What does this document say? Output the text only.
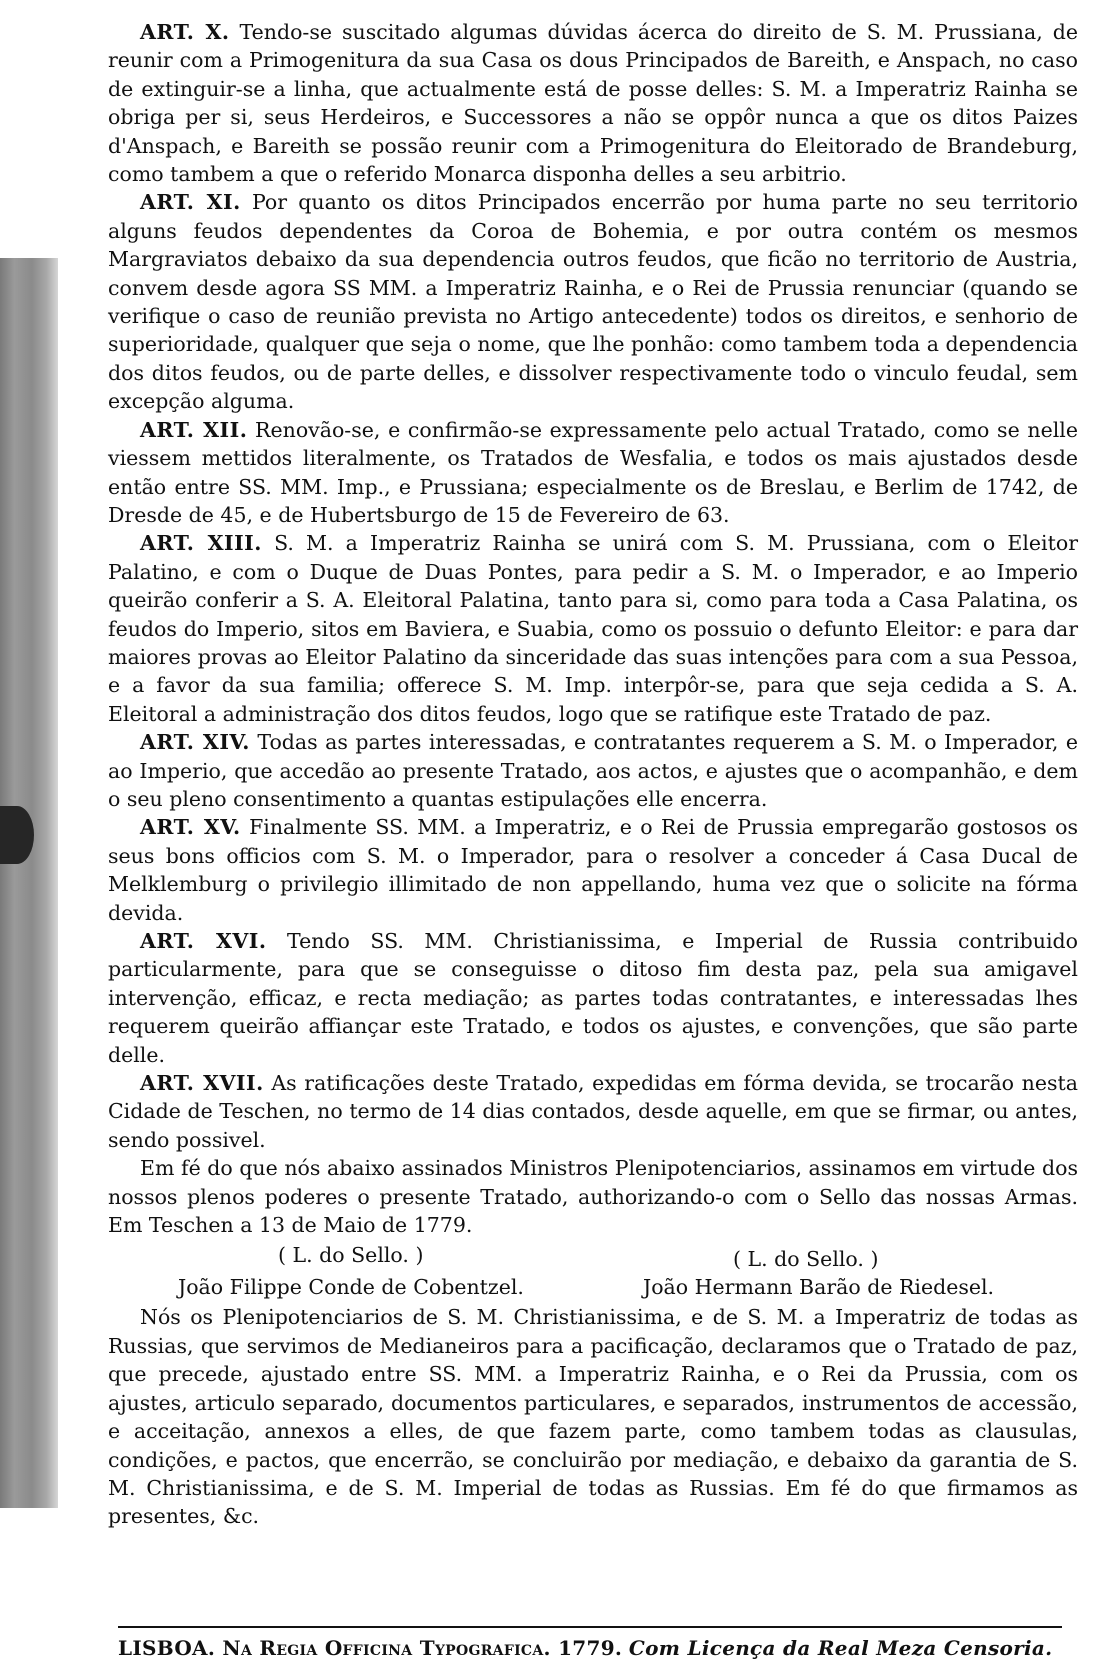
ART. X. Tendo-se suscitado algumas dúvidas ácerca do direito de S. M. Prussiana, de reunir com a Primogenitura da sua Casa os dous Principados de Bareith, e Anspach, no caso de extinguir-se a linha, que actualmente está de posse delles: S. M. a Imperatriz Rainha se obriga per si, seus Herdeiros, e Successores a não se oppôr nunca a que os ditos Paizes d'Anspach, e Bareith se possão reunir com a Primogenitura do Eleitorado de Brandeburg, como tambem a que o referido Monarca disponha delles a seu arbitrio.

ART. XI. Por quanto os ditos Principados encerrão por huma parte no seu territorio alguns feudos dependentes da Coroa de Bohemia, e por outra contém os mesmos Margraviatos debaixo da sua dependencia outros feudos, que ficão no territorio de Austria, convem desde agora SS MM. a Imperatriz Rainha, e o Rei de Prussia renunciar (quando se verifique o caso de reunião prevista no Artigo antecedente) todos os direitos, e senhorio de superioridade, qualquer que seja o nome, que lhe ponhão: como tambem toda a dependencia dos ditos feudos, ou de parte delles, e dissolver respectivamente todo o vinculo feudal, sem excepção alguma.

ART. XII. Renovão-se, e confirmão-se expressamente pelo actual Tratado, como se nelle viessem mettidos literalmente, os Tratados de Wesfalia, e todos os mais ajustados desde então entre SS. MM. Imp., e Prussiana; especialmente os de Breslau, e Berlim de 1742, de Dresde de 45, e de Hubertsburgo de 15 de Fevereiro de 63.

ART. XIII. S. M. a Imperatriz Rainha se unirá com S. M. Prussiana, com o Eleitor Palatino, e com o Duque de Duas Pontes, para pedir a S. M. o Imperador, e ao Imperio queirão conferir a S. A. Eleitoral Palatina, tanto para si, como para toda a Casa Palatina, os feudos do Imperio, sitos em Baviera, e Suabia, como os possuio o defunto Eleitor: e para dar maiores provas ao Eleitor Palatino da sinceridade das suas intenções para com a sua Pessoa, e a favor da sua familia; offerece S. M. Imp. interpôr-se, para que seja cedida a S. A. Eleitoral a administração dos ditos feudos, logo que se ratifique este Tratado de paz.

ART. XIV. Todas as partes interessadas, e contratantes requerem a S. M. o Imperador, e ao Imperio, que accedão ao presente Tratado, aos actos, e ajustes que o acompanhão, e dem o seu pleno consentimento a quantas estipulações elle encerra.

ART. XV. Finalmente SS. MM. a Imperatriz, e o Rei de Prussia empregarão gostosos os seus bons officios com S. M. o Imperador, para o resolver a conceder á Casa Ducal de Melklemburg o privilegio illimitado de non appellando, huma vez que o solicite na fórma devida.

ART. XVI. Tendo SS. MM. Christianissima, e Imperial de Russia contribuido particularmente, para que se conseguisse o ditoso fim desta paz, pela sua amigavel intervenção, efficaz, e recta mediação; as partes todas contratantes, e interessadas lhes requerem queirão affiançar este Tratado, e todos os ajustes, e convenções, que são parte delle.

ART. XVII. As ratificações deste Tratado, expedidas em fórma devida, se trocarão nesta Cidade de Teschen, no termo de 14 dias contados, desde aquelle, em que se firmar, ou antes, sendo possivel.

Em fé do que nós abaixo assinados Ministros Plenipotenciarios, assinamos em virtude dos nossos plenos poderes o presente Tratado, authorizando-o com o Sello das nossas Armas. Em Teschen a 13 de Maio de 1779.

( L. do Sello. )	( L. do Sello. )
João Filippe Conde de Cobentzel.	João Hermann Barão de Riedesel.

Nós os Plenipotenciarios de S. M. Christianissima, e de S. M. a Imperatriz de todas as Russias, que servimos de Medianeiros para a pacificação, declaramos que o Tratado de paz, que precede, ajustado entre SS. MM. a Imperatriz Rainha, e o Rei da Prussia, com os ajustes, articulo separado, documentos particulares, e separados, instrumentos de accessão, e acceitação, annexos a elles, de que fazem parte, como tambem todas as clausulas, condições, e pactos, que encerrão, se concluirão por mediação, e debaixo da garantia de S. M. Christianissima, e de S. M. Imperial de todas as Russias. Em fé do que firmamos as presentes, &c.

LISBOA. Na Regia Officina Typografica. 1779. Com Licença da Real Meza Censoria.
